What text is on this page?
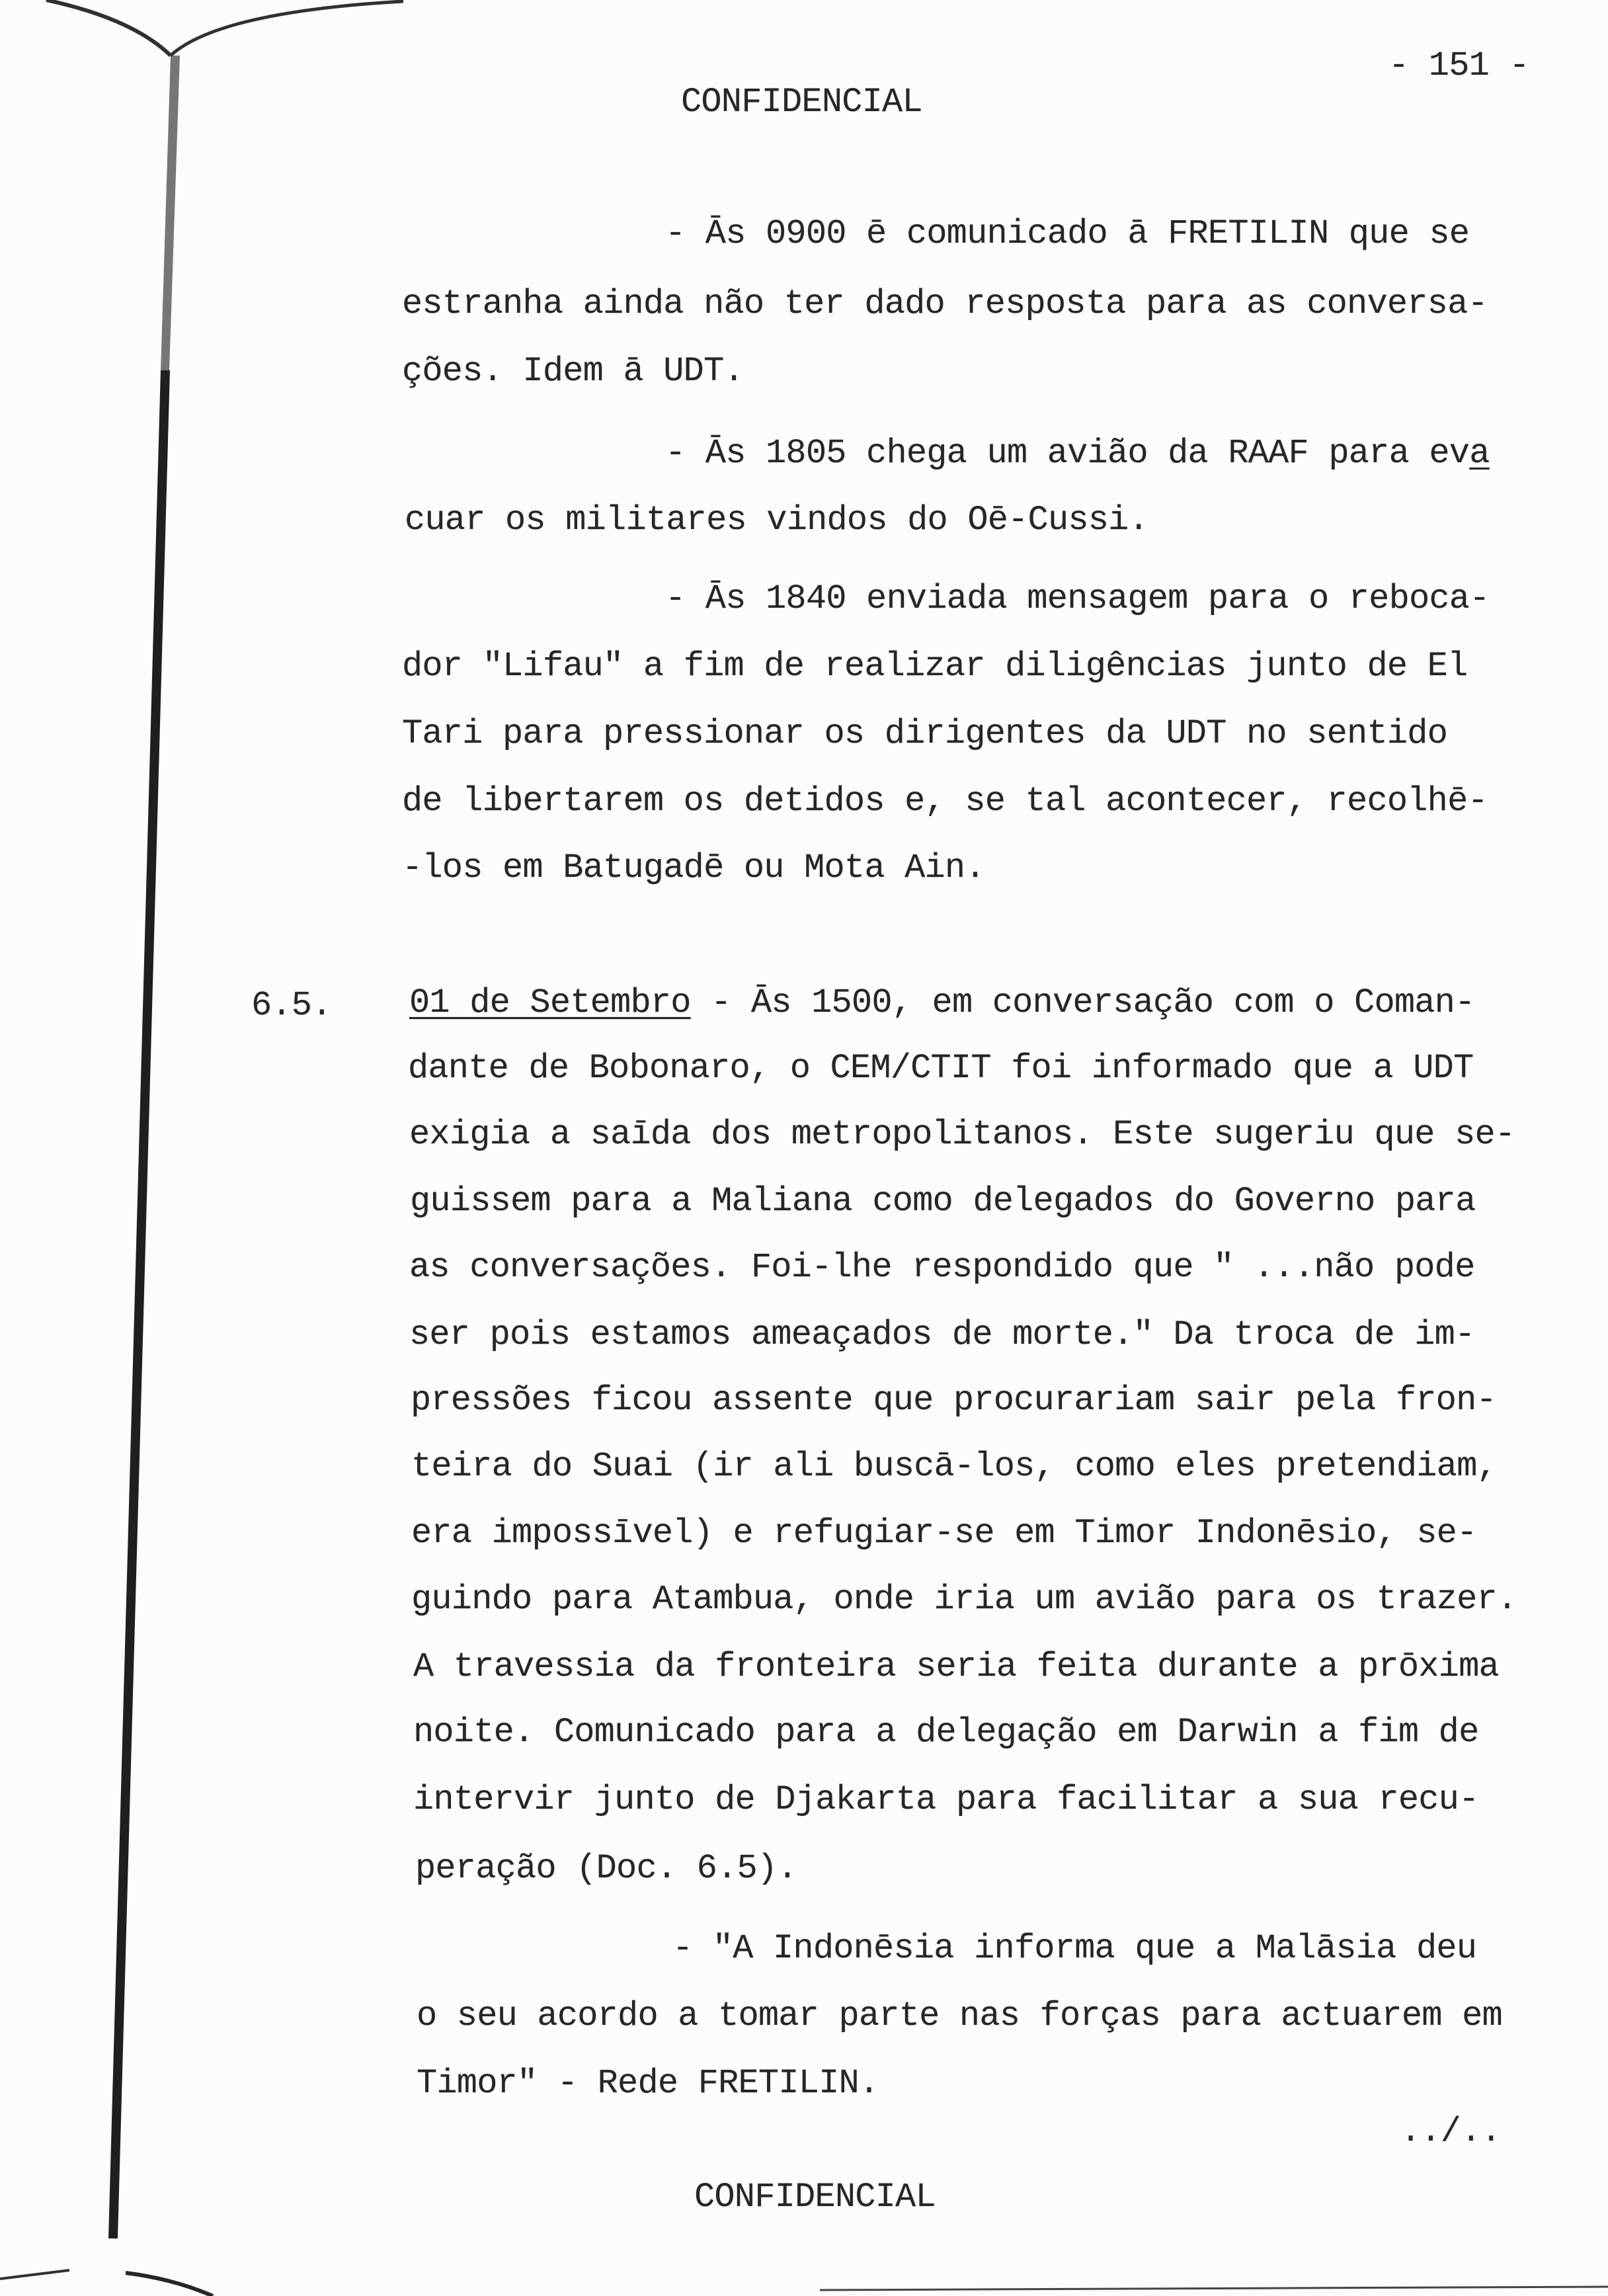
- 151 -
CONFIDENCIAL
- Ās 0900 ē comunicado ā FRETILIN que se
estranha ainda não ter dado resposta para as conversa-
ções. Idem ā UDT.
- Ās 1805 chega um avião da RAAF para eva
cuar os militares vindos do Oē-Cussi.
- Ās 1840 enviada mensagem para o reboca-
dor "Lifau" a fim de realizar diligências junto de El
Tari para pressionar os dirigentes da UDT no sentido
de libertarem os detidos e, se tal acontecer, recolhē-
-los em Batugadē ou Mota Ain.
6.5. 01 de Setembro - Ās 1500, em conversação com o Coman-
dante de Bobonaro, o CEM/CTIT foi informado que a UDT
exigia a saīda dos metropolitanos. Este sugeriu que se-
guissem para a Maliana como delegados do Governo para
as conversações. Foi-lhe respondido que " ...não pode
ser pois estamos ameaçados de morte." Da troca de im-
pressões ficou assente que procurariam sair pela fron-
teira do Suai (ir ali buscā-los, como eles pretendiam,
era impossīvel) e refugiar-se em Timor Indonēsio, se-
guindo para Atambua, onde iria um avião para os trazer.
A travessia da fronteira seria feita durante a prōxima
noite. Comunicado para a delegação em Darwin a fim de
intervir junto de Djakarta para facilitar a sua recu-
peração (Doc. 6.5).
- "A Indonēsia informa que a Malāsia deu
o seu acordo a tomar parte nas forças para actuarem em
Timor" - Rede FRETILIN.
../..
CONFIDENCIAL
